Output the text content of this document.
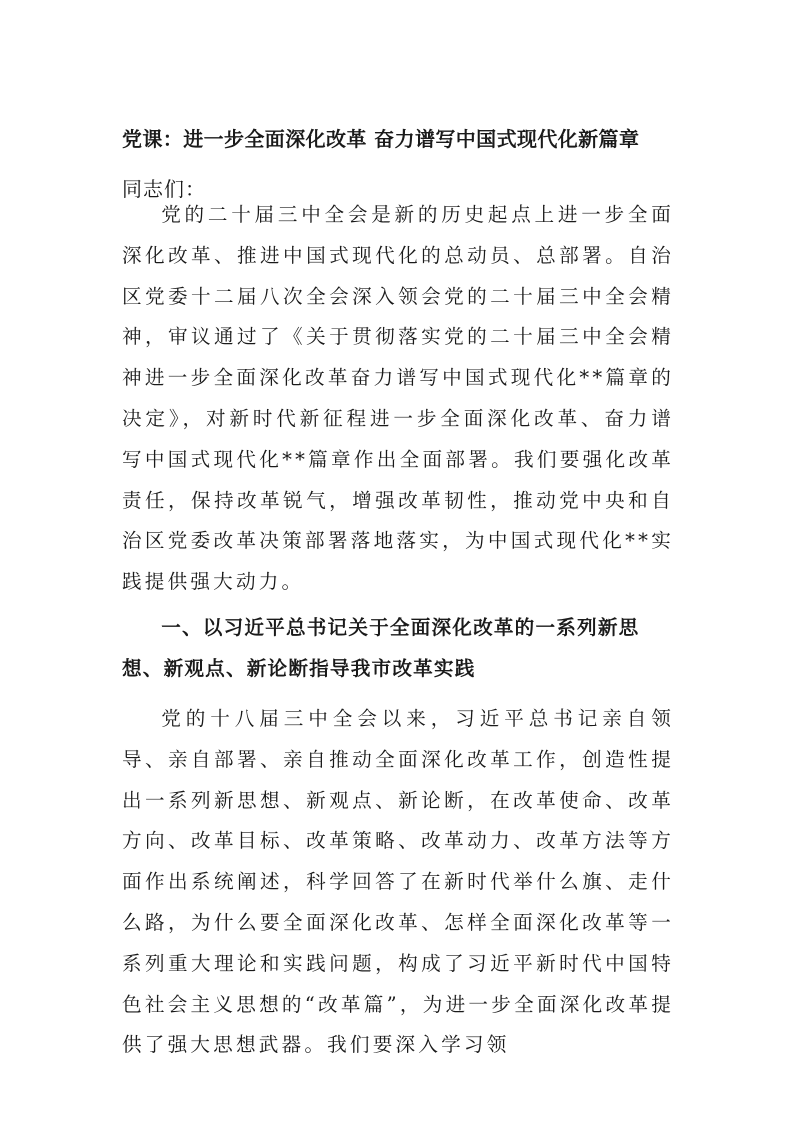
党课：进一步全面深化改革 奋力谱写中国式现代化新篇章
同志们：

党的二十届三中全会是新的历史起点上进一步全面深化改革、推进中国式现代化的总动员、总部署。自治区党委十二届八次全会深入领会党的二十届三中全会精神，审议通过了《关于贯彻落实党的二十届三中全会精神进一步全面深化改革奋力谱写中国式现代化**篇章的决定》，对新时代新征程进一步全面深化改革、奋力谱写中国式现代化**篇章作出全面部署。我们要强化改革责任，保持改革锐气，增强改革韧性，推动党中央和自治区党委改革决策部署落地落实，为中国式现代化**实践提供强大动力。

一、以习近平总书记关于全面深化改革的一系列新思想、新观点、新论断指导我市改革实践

党的十八届三中全会以来，习近平总书记亲自领导、亲自部署、亲自推动全面深化改革工作，创造性提出一系列新思想、新观点、新论断，在改革使命、改革方向、改革目标、改革策略、改革动力、改革方法等方面作出系统阐述，科学回答了在新时代举什么旗、走什么路，为什么要全面深化改革、怎样全面深化改革等一系列重大理论和实践问题，构成了习近平新时代中国特色社会主义思想的“改革篇”，为进一步全面深化改革提供了强大思想武器。我们要深入学习领
